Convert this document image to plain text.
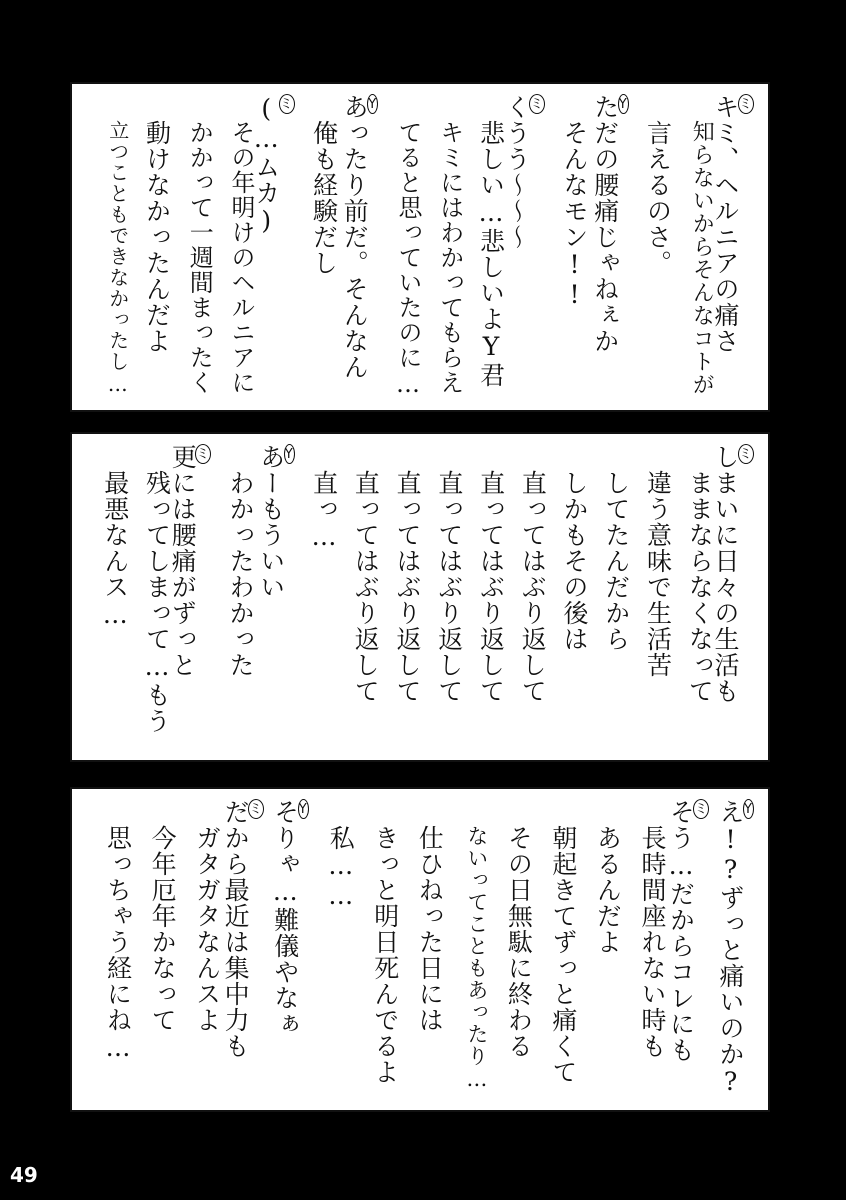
ミ
キミ、ヘルニアの痛さ
知らないからそんなコトが
言えるのさ。
Y
ただの腰痛じゃねぇか
そんなモン!!
ミ
くうう〜〜〜
悲しい…悲しいよY君
キミにはわかってもらえ
てると思っていたのに…
Y
あったり前だ。そんなん
俺も経験だし
ミ
(…ムカ)
その年明けのヘルニアに
かかって一週間まったく
動けなかったんだよ
立つこともできなかったし…
ミ
しまいに日々の生活も
ままならなくなって
違う意味で生活苦
してたんだから
しかもその後は
直ってはぶり返して
直ってはぶり返して
直ってはぶり返して
直ってはぶり返して
直ってはぶり返して
直っ…
Y
あーもういい
わかったわかった
ミ
更には腰痛がずっと
残ってしまって…もう
最悪なんス…
Y
え!?ずっと痛いのか?
ミ
そう…だからコレにも
長時間座れない時も
あるんだよ
朝起きてずっと痛くて
その日無駄に終わる
ないってこともあったり…
仕ひねった日には
きっと明日死んでるよ
私……
Y
そりゃ…難儀やなぁ
ミ
だから最近は集中力も
ガタガタなんスよ
今年厄年かなって
思っちゃう経にね…
49
